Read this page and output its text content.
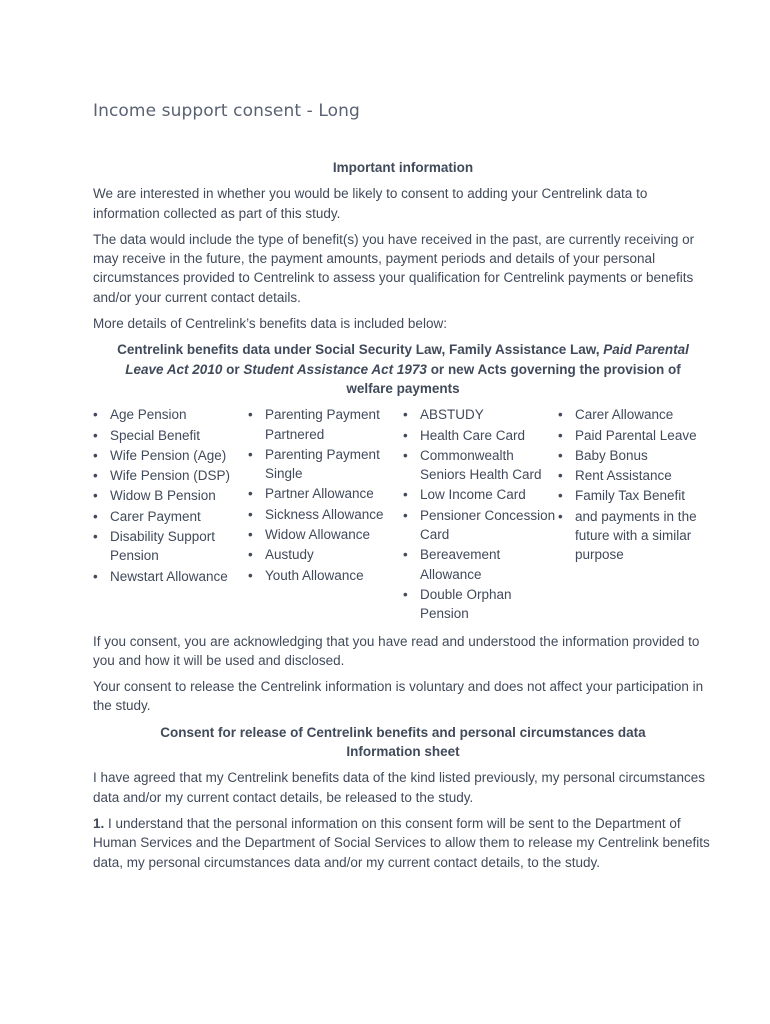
Income support consent - Long
Important information

We are interested in whether you would be likely to consent to adding your Centrelink data to information collected as part of this study.

The data would include the type of benefit(s) you have received in the past, are currently receiving or may receive in the future, the payment amounts, payment periods and details of your personal circumstances provided to Centrelink to assess your qualification for Centrelink payments or benefits and/or your current contact details.

More details of Centrelink’s benefits data is included below:

Centrelink benefits data under Social Security Law, Family Assistance Law, Paid Parental Leave Act 2010 or Student Assistance Act 1973 or new Acts governing the provision of welfare payments
• Age Pension
• Special Benefit
• Wife Pension (Age)
• Wife Pension (DSP)
• Widow B Pension
• Carer Payment
• Disability Support Pension
• Newstart Allowance
• Parenting Payment Partnered
• Parenting Payment Single
• Partner Allowance
• Sickness Allowance
• Widow Allowance
• Austudy
• Youth Allowance
• ABSTUDY
• Health Care Card
• Commonwealth Seniors Health Card
• Low Income Card
• Pensioner Concession Card
• Bereavement Allowance
• Double Orphan Pension
• Carer Allowance
• Paid Parental Leave
• Baby Bonus
• Rent Assistance
• Family Tax Benefit
• and payments in the future with a similar purpose

If you consent, you are acknowledging that you have read and understood the information provided to you and how it will be used and disclosed.

Your consent to release the Centrelink information is voluntary and does not affect your participation in the study.

Consent for release of Centrelink benefits and personal circumstances data
Information sheet

I have agreed that my Centrelink benefits data of the kind listed previously, my personal circumstances data and/or my current contact details, be released to the study.

1. I understand that the personal information on this consent form will be sent to the Department of Human Services and the Department of Social Services to allow them to release my Centrelink benefits data, my personal circumstances data and/or my current contact details, to the study.
